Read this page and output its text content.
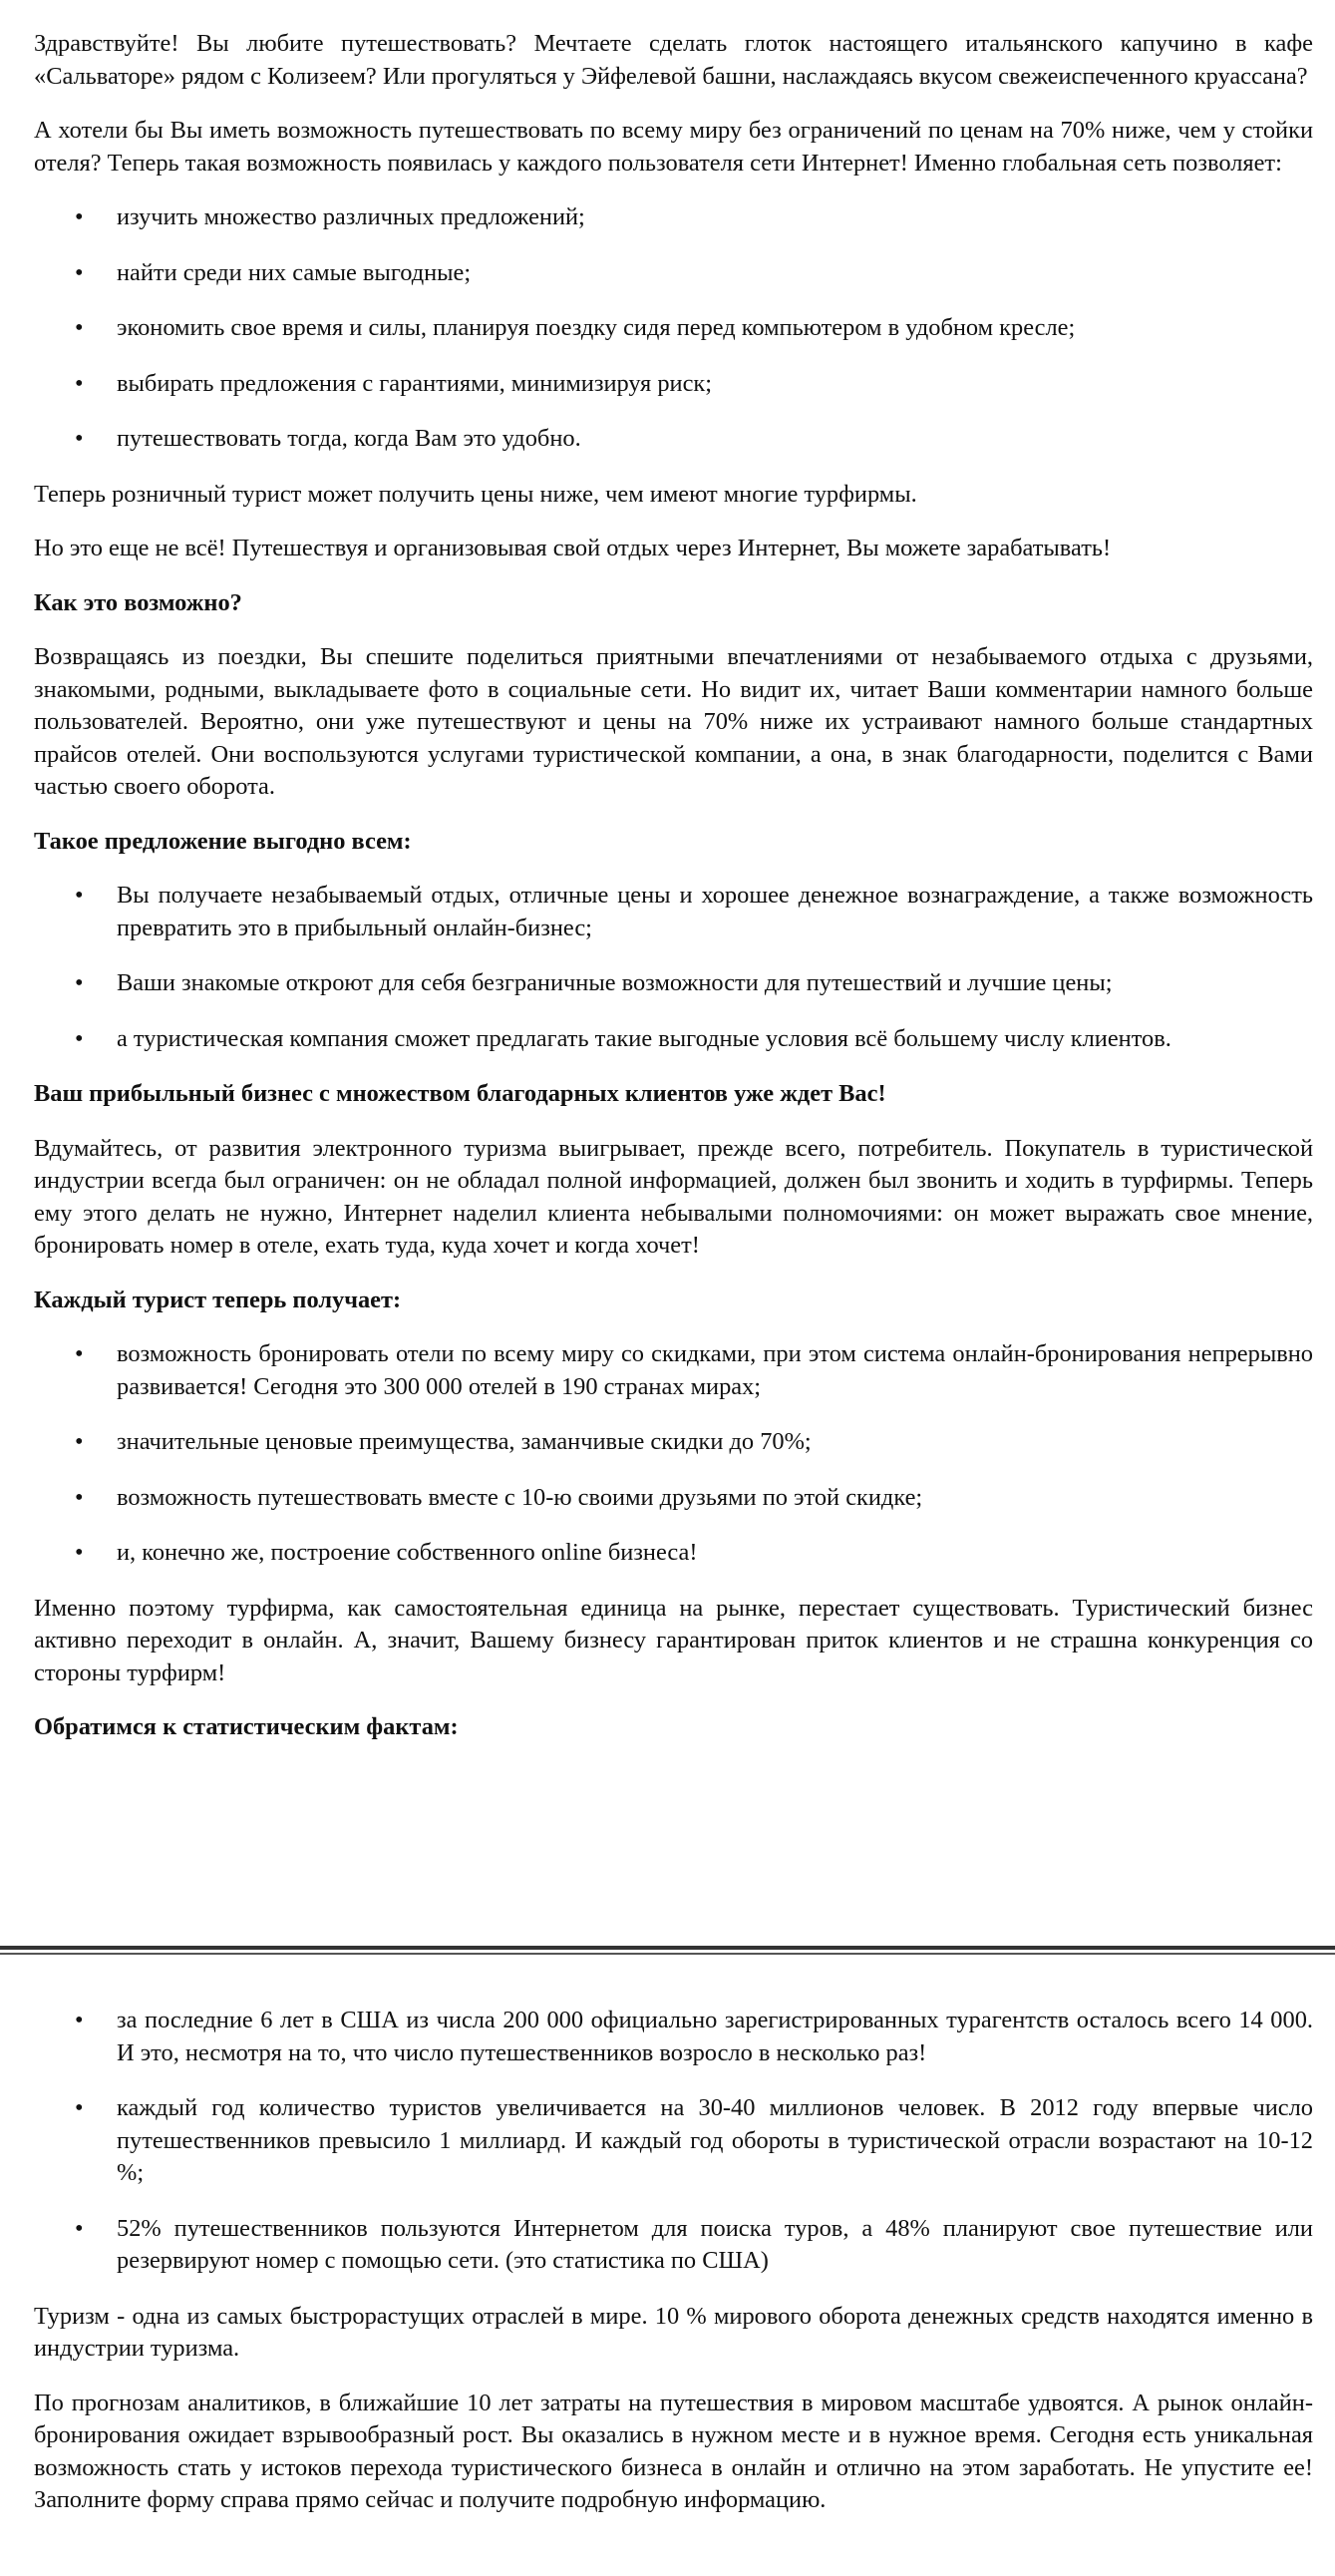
Здравствуйте! Вы любите путешествовать? Мечтаете сделать глоток настоящего итальянского капучино в кафе «Сальваторе» рядом с Колизеем? Или прогуляться у Эйфелевой башни, наслаждаясь вкусом свежеиспеченного круассана?

А хотели бы Вы иметь возможность путешествовать по всему миру без ограничений по ценам на 70% ниже, чем у стойки отеля? Теперь такая возможность появилась у каждого пользователя сети Интернет! Именно глобальная сеть позволяет:

• изучить множество различных предложений;
• найти среди них самые выгодные;
• экономить свое время и силы, планируя поездку сидя перед компьютером в удобном кресле;
• выбирать предложения с гарантиями, минимизируя риск;
• путешествовать тогда, когда Вам это удобно.

Теперь розничный турист может получить цены ниже, чем имеют многие турфирмы.

Но это еще не всё! Путешествуя и организовывая свой отдых через Интернет, Вы можете зарабатывать!

Как это возможно?

Возвращаясь из поездки, Вы спешите поделиться приятными впечатлениями от незабываемого отдыха с друзьями, знакомыми, родными, выкладываете фото в социальные сети. Но видит их, читает Ваши комментарии намного больше пользователей. Вероятно, они уже путешествуют и цены на 70% ниже их устраивают намного больше стандартных прайсов отелей. Они воспользуются услугами туристической компании, а она, в знак благодарности, поделится с Вами частью своего оборота.

Такое предложение выгодно всем:
• Вы получаете незабываемый отдых, отличные цены и хорошее денежное вознаграждение, а также возможность превратить это в прибыльный онлайн-бизнес;
• Ваши знакомые откроют для себя безграничные возможности для путешествий и лучшие цены;
• а туристическая компания сможет предлагать такие выгодные условия всё большему числу клиентов.
Ваш прибыльный бизнес с множеством благодарных клиентов уже ждет Вас!

Вдумайтесь, от развития электронного туризма выигрывает, прежде всего, потребитель. Покупатель в туристической индустрии всегда был ограничен: он не обладал полной информацией, должен был звонить и ходить в турфирмы. Теперь ему этого делать не нужно, Интернет наделил клиента небывалыми полномочиями: он может выражать свое мнение, бронировать номер в отеле, ехать туда, куда хочет и когда хочет!

Каждый турист теперь получает:
• возможность бронировать отели по всему миру со скидками, при этом система онлайн-бронирования непрерывно развивается! Сегодня это 300 000 отелей в 190 странах мирах;
• значительные ценовые преимущества, заманчивые скидки до 70%;
• возможность путешествовать вместе с 10-ю своими друзьями по этой скидке;
• и, конечно же, построение собственного online бизнеса!

Именно поэтому турфирма, как самостоятельная единица на рынке, перестает существовать. Туристический бизнес активно переходит в онлайн. А, значит, Вашему бизнесу гарантирован приток клиентов и не страшна конкуренция со стороны турфирм!

Обратимся к статистическим фактам:
• за последние 6 лет в США из числа 200 000 официально зарегистрированных турагентств осталось всего 14 000. И это, несмотря на то, что число путешественников возросло в несколько раз!
• каждый год количество туристов увеличивается на 30-40 миллионов человек. В 2012 году впервые число путешественников превысило 1 миллиард. И каждый год обороты в туристической отрасли возрастают на 10-12 %;
• 52% путешественников пользуются Интернетом для поиска туров, а 48% планируют свое путешествие или резервируют номер с помощью сети. (это статистика по США)

Туризм - одна из самых быстрорастущих отраслей в мире. 10 % мирового оборота денежных средств находятся именно в индустрии туризма.

По прогнозам аналитиков, в ближайшие 10 лет затраты на путешествия в мировом масштабе удвоятся. А рынок онлайн-бронирования ожидает взрывообразный рост. Вы оказались в нужном месте и в нужное время. Сегодня есть уникальная возможность стать у истоков перехода туристического бизнеса в онлайн и отлично на этом заработать. Не упустите ее! Заполните форму справа прямо сейчас и получите подробную информацию.
